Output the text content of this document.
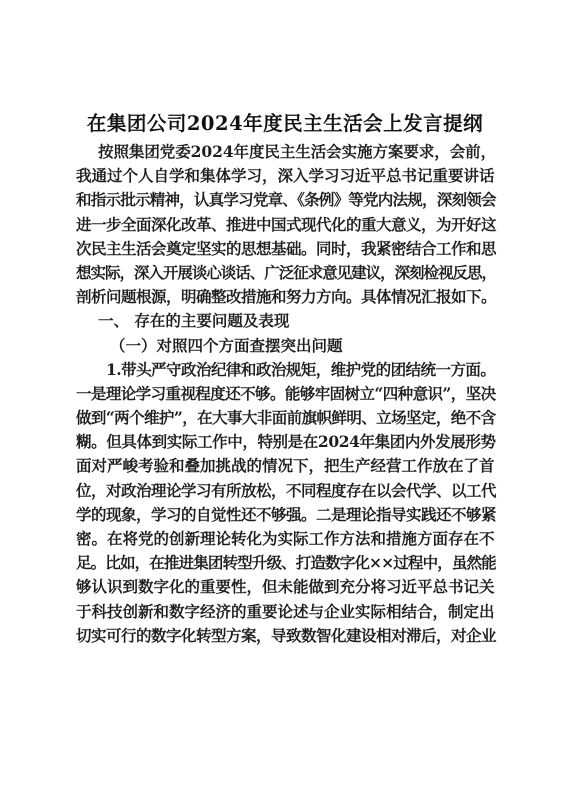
在集团公司2024年度民主生活会上发言提纲
按照集团党委2024年度民主生活会实施方案要求，会前，
我通过个人自学和集体学习，深入学习习近平总书记重要讲话
和指示批示精神，认真学习党章、《条例》等党内法规，深刻领会
进一步全面深化改革、推进中国式现代化的重大意义，为开好这
次民主生活会奠定坚实的思想基础。同时，我紧密结合工作和思
想实际，深入开展谈心谈话、广泛征求意见建议，深刻检视反思，
剖析问题根源，明确整改措施和努力方向。具体情况汇报如下。
一、 存在的主要问题及表现
（一）对照四个方面查摆突出问题
1.带头严守政治纪律和政治规矩，维护党的团结统一方面。
一是理论学习重视程度还不够。能够牢固树立“四种意识”，坚决
做到“两个维护”，在大事大非面前旗帜鲜明、立场坚定，绝不含
糊。但具体到实际工作中，特别是在2024年集团内外发展形势
面对严峻考验和叠加挑战的情况下，把生产经营工作放在了首
位，对政治理论学习有所放松，不同程度存在以会代学、以工代
学的现象，学习的自觉性还不够强。二是理论指导实践还不够紧
密。在将党的创新理论转化为实际工作方法和措施方面存在不
足。比如，在推进集团转型升级、打造数字化××过程中，虽然能
够认识到数字化的重要性，但未能做到充分将习近平总书记关
于科技创新和数字经济的重要论述与企业实际相结合，制定出
切实可行的数字化转型方案，导致数智化建设相对滞后，对企业
